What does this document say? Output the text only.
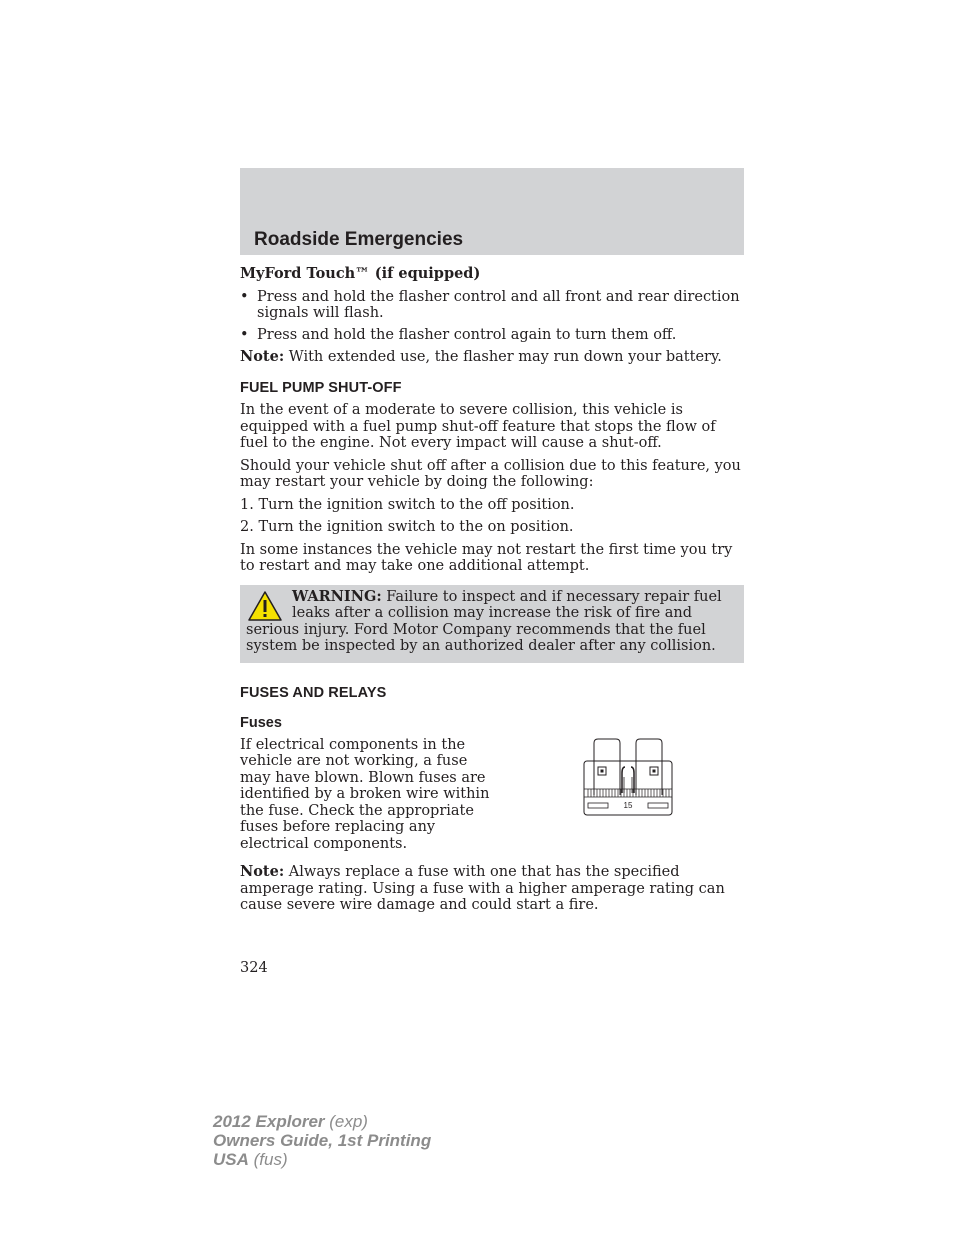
Roadside Emergencies

MyFord Touch™ (if equipped)

• Press and hold the flasher control and all front and rear direction signals will flash.
• Press and hold the flasher control again to turn them off.

Note: With extended use, the flasher may run down your battery.

FUEL PUMP SHUT-OFF

In the event of a moderate to severe collision, this vehicle is equipped with a fuel pump shut-off feature that stops the flow of fuel to the engine. Not every impact will cause a shut-off.

Should your vehicle shut off after a collision due to this feature, you may restart your vehicle by doing the following:

1. Turn the ignition switch to the off position.

2. Turn the ignition switch to the on position.

In some instances the vehicle may not restart the first time you try to restart and may take one additional attempt.

WARNING: Failure to inspect and if necessary repair fuel leaks after a collision may increase the risk of fire and serious injury. Ford Motor Company recommends that the fuel system be inspected by an authorized dealer after any collision.

FUSES AND RELAYS
Fuses

If electrical components in the vehicle are not working, a fuse may have blown. Blown fuses are identified by a broken wire within the fuse. Check the appropriate fuses before replacing any electrical components.

15

Note: Always replace a fuse with one that has the specified amperage rating. Using a fuse with a higher amperage rating can cause severe wire damage and could start a fire.

324
2012 Explorer (exp)
Owners Guide, 1st Printing
USA (fus)
